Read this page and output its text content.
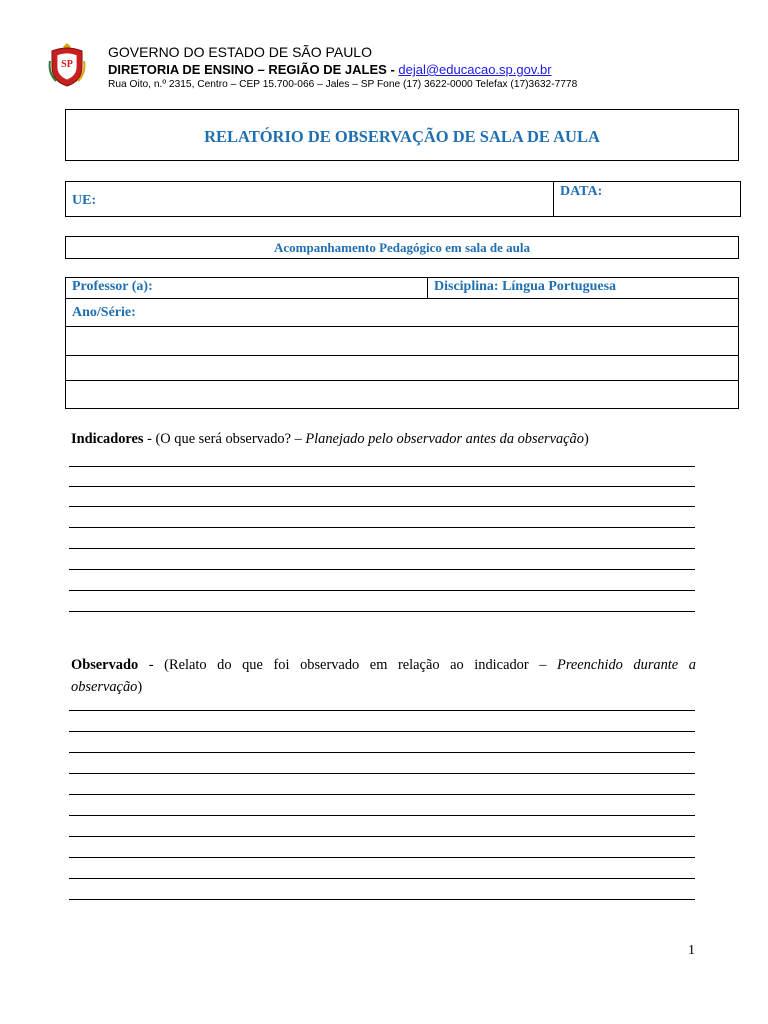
SP
GOVERNO DO ESTADO DE SÃO PAULO
DIRETORIA DE ENSINO – REGIÃO DE JALES - dejal@educacao.sp.gov.br
Rua Oito, n.º 2315, Centro – CEP 15.700-066 – Jales – SP Fone (17) 3622-0000 Telefax (17)3632-7778
RELATÓRIO DE OBSERVAÇÃO DE SALA DE AULA
UE:
DATA:
Acompanhamento Pedagógico em sala de aula
Professor (a):	Disciplina: Língua Portuguesa
Ano/Série:
Indicadores - (O que será observado? – Planejado pelo observador antes da observação)
Observado - (Relato do que foi observado em relação ao indicador – Preenchido durante a
observação)
1
